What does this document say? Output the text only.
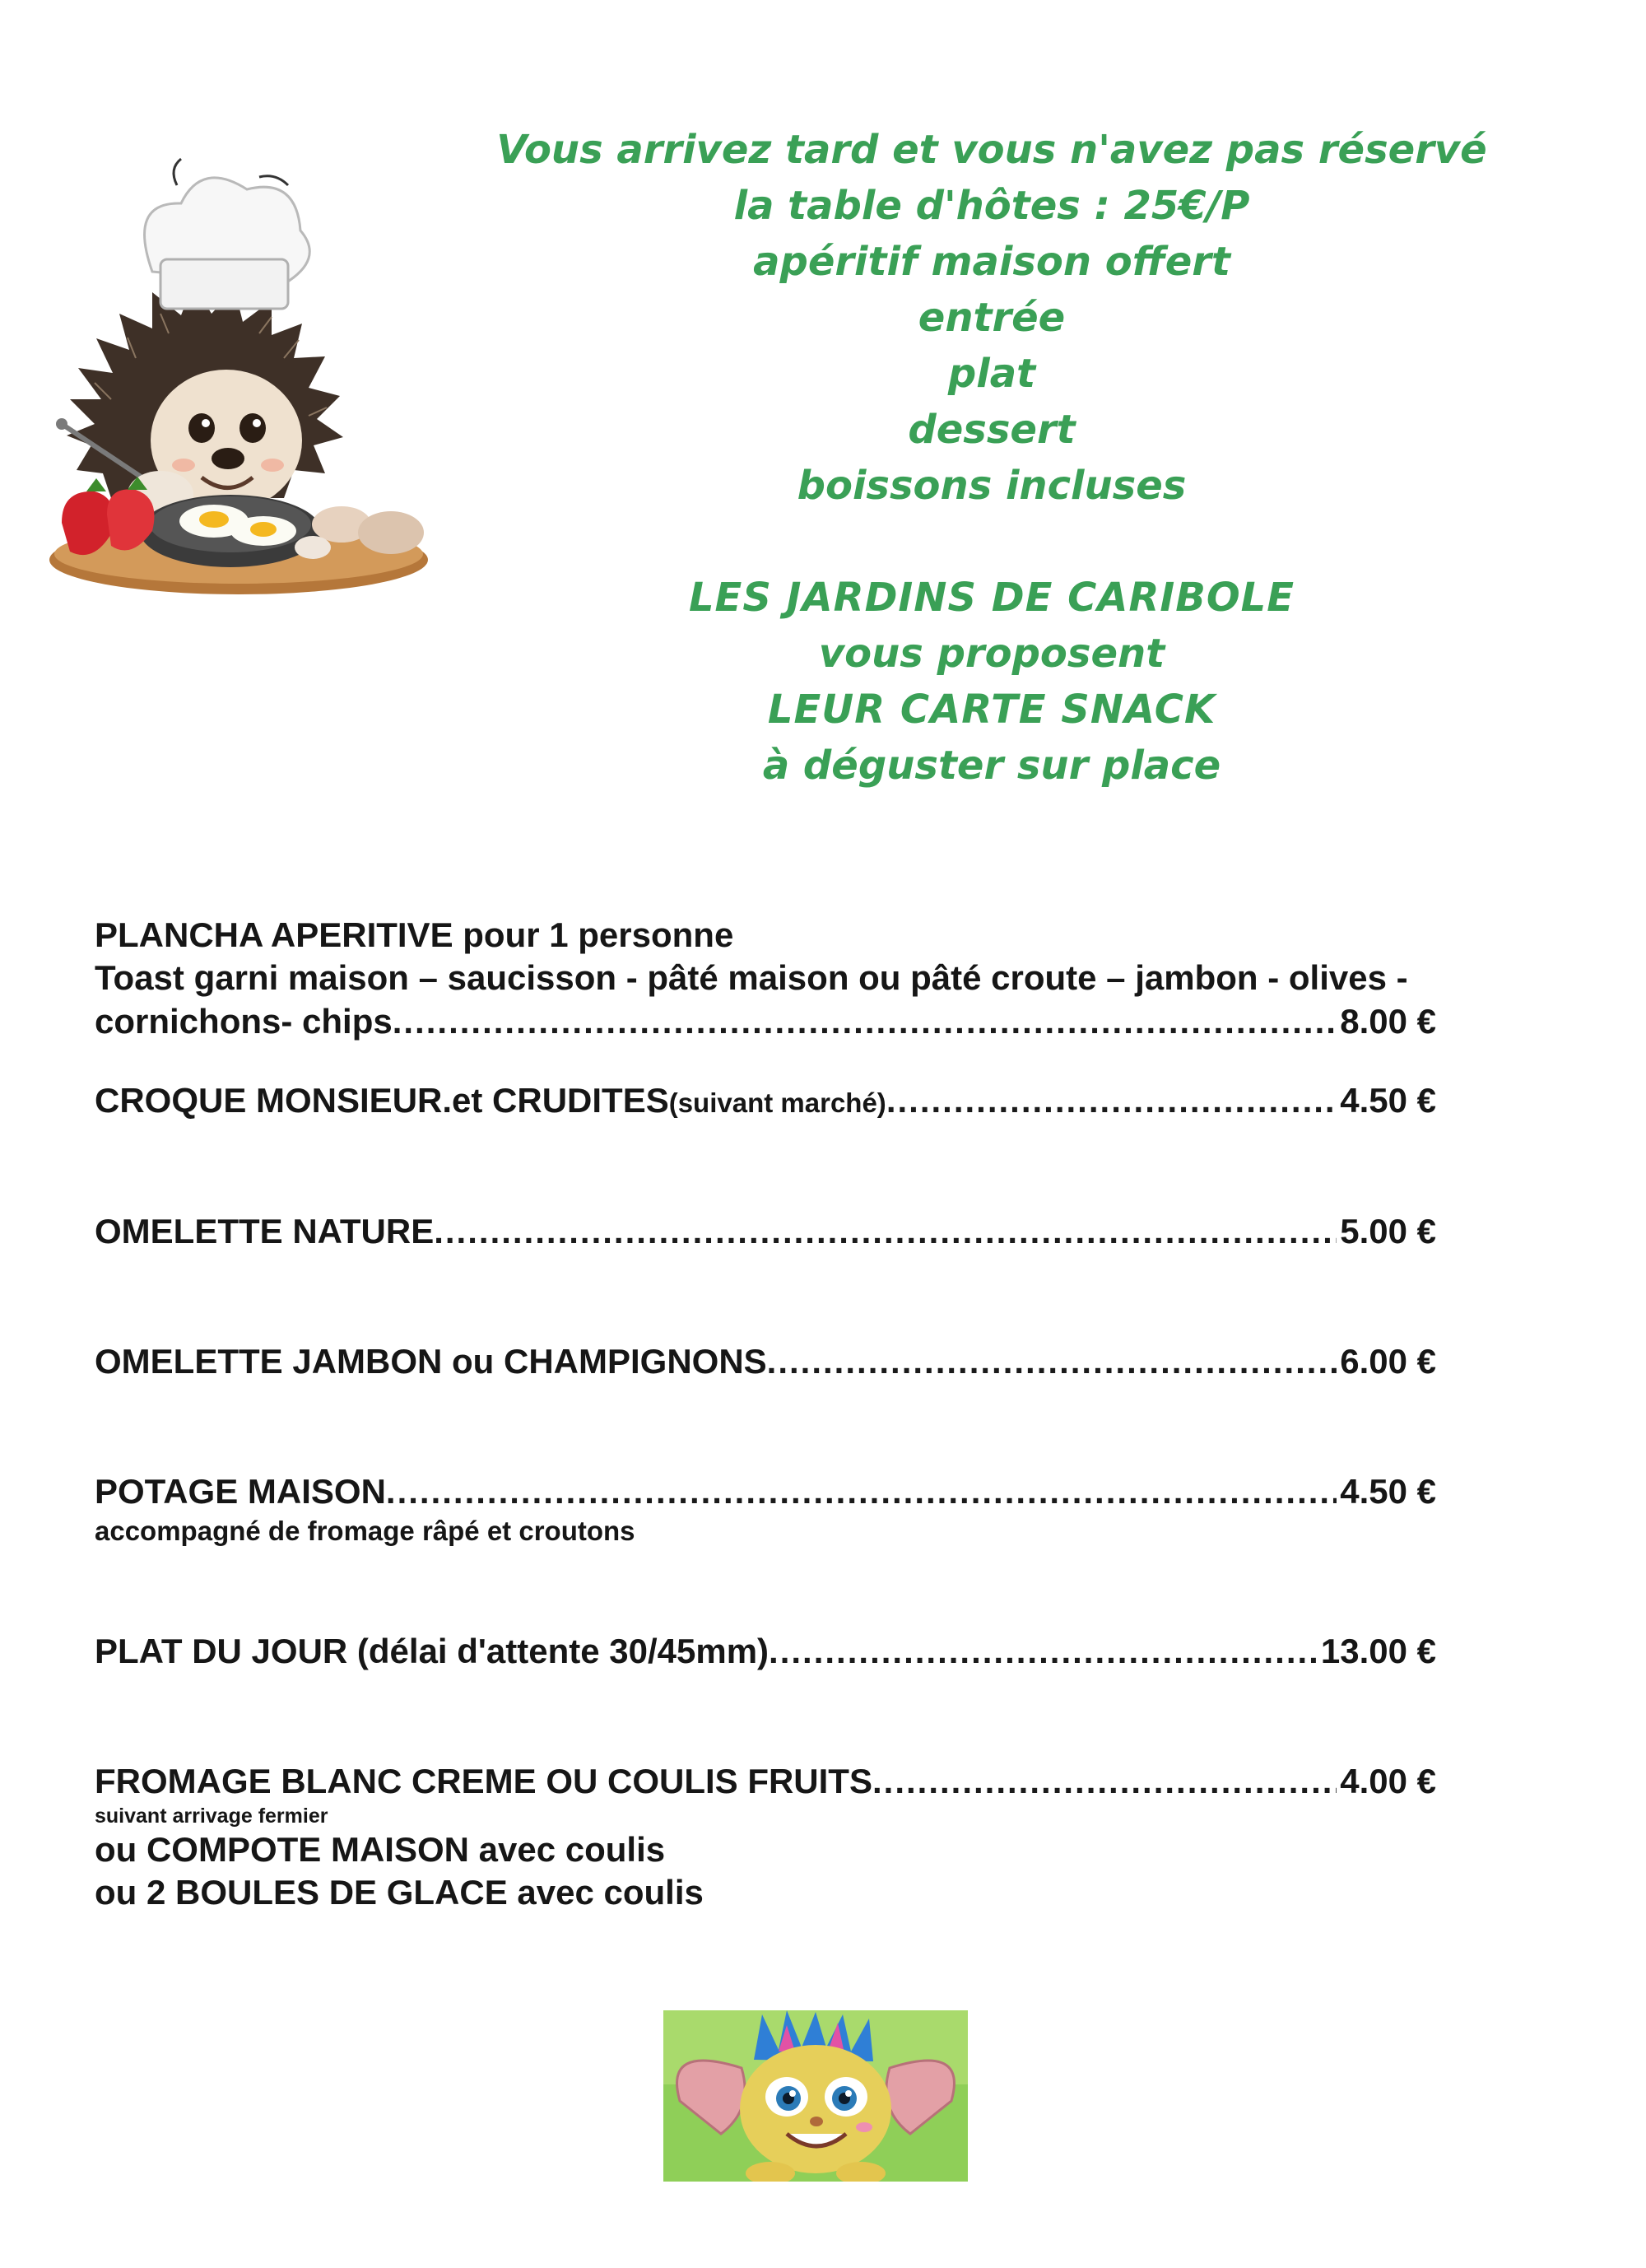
Vous arrivez tard et vous n'avez pas réservé
la table d'hôtes : 25€/P
apéritif maison offert
entrée
plat
dessert
boissons incluses
LES JARDINS DE CARIBOLE
vous proposent
LEUR CARTE SNACK
à déguster sur place
PLANCHA APERITIVE pour 1 personne
Toast garni maison – saucisson - pâté maison ou pâté croute – jambon - olives -
cornichons- chips .....	8.00 €
CROQUE MONSIEUR.et CRUDITES (suivant marché) .....	4.50 €
OMELETTE NATURE .....	5.00 €
OMELETTE JAMBON ou CHAMPIGNONS .....	6.00 €
POTAGE MAISON .....	4.50 €
accompagné de fromage râpé et croutons
PLAT DU JOUR (délai d'attente 30/45mm) .....	13.00 €
FROMAGE BLANC CREME OU COULIS FRUITS .....	4.00 €
suivant arrivage fermier
ou COMPOTE MAISON avec coulis
ou 2 BOULES DE GLACE avec coulis
